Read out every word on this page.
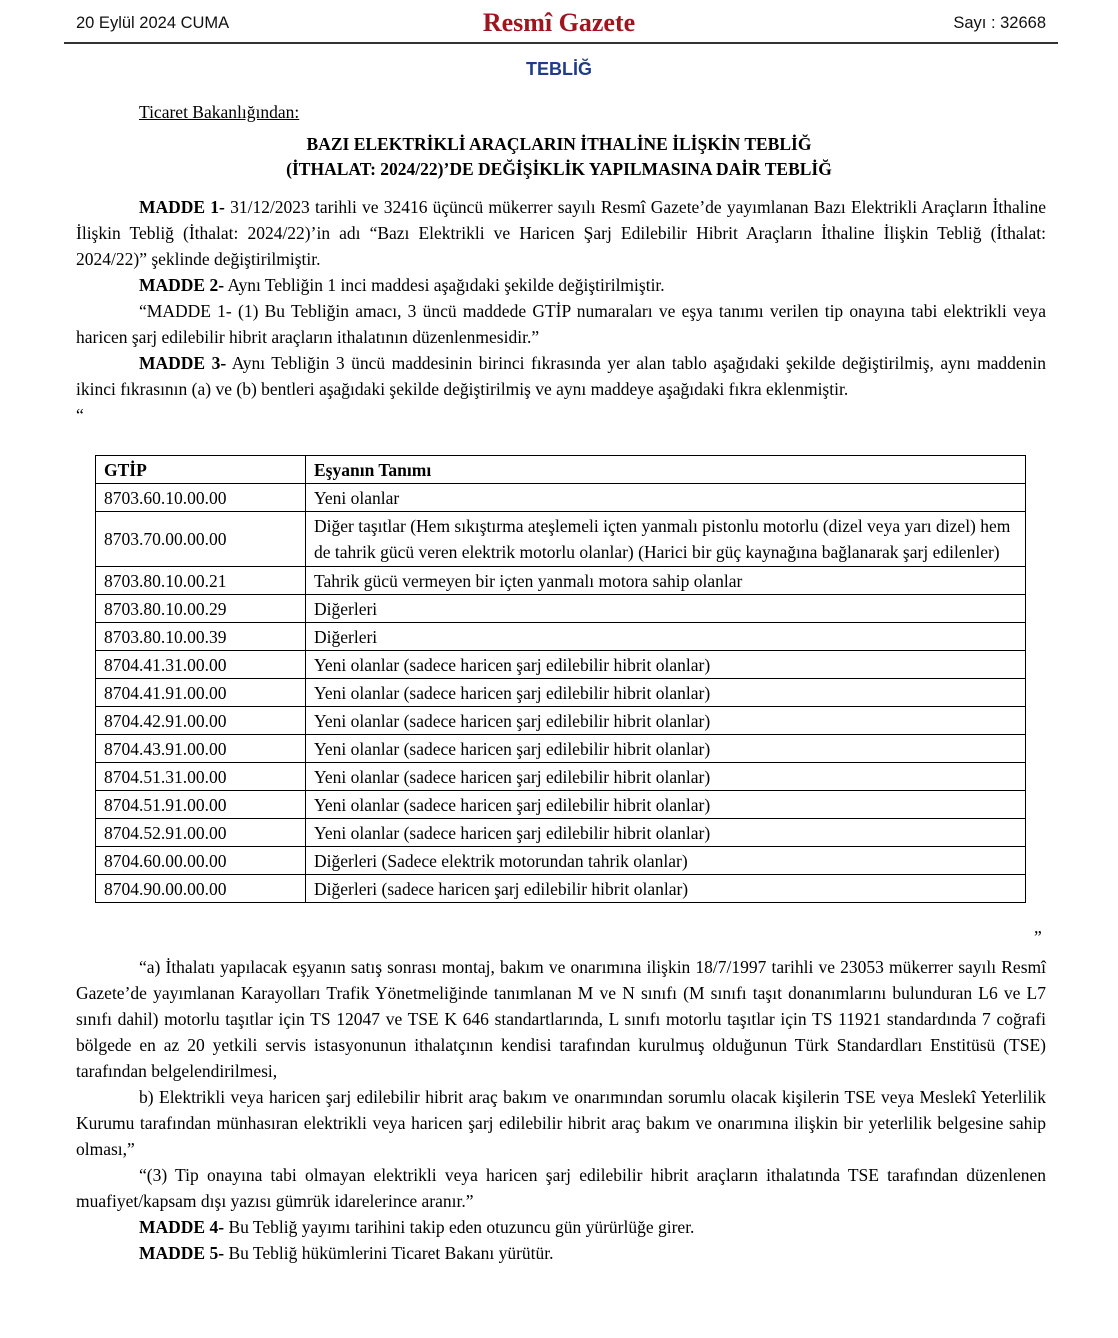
20 Eylül 2024 CUMA	Resmî Gazete	Sayı : 32668
TEBLİĞ
Ticaret Bakanlığından:
BAZI ELEKTRİKLİ ARAÇLARIN İTHALİNE İLİŞKİN TEBLİĞ
(İTHALAT: 2024/22)’DE DEĞİŞİKLİK YAPILMASINA DAİR TEBLİĞ

MADDE 1- 31/12/2023 tarihli ve 32416 üçüncü mükerrer sayılı Resmî Gazete’de yayımlanan Bazı Elektrikli Araçların İthaline İlişkin Tebliğ (İthalat: 2024/22)’in adı “Bazı Elektrikli ve Haricen Şarj Edilebilir Hibrit Araçların İthaline İlişkin Tebliğ (İthalat: 2024/22)” şeklinde değiştirilmiştir.

MADDE 2- Aynı Tebliğin 1 inci maddesi aşağıdaki şekilde değiştirilmiştir.

“MADDE 1- (1) Bu Tebliğin amacı, 3 üncü maddede GTİP numaraları ve eşya tanımı verilen tip onayına tabi elektrikli veya haricen şarj edilebilir hibrit araçların ithalatının düzenlenmesidir.”

MADDE 3- Aynı Tebliğin 3 üncü maddesinin birinci fıkrasında yer alan tablo aşağıdaki şekilde değiştirilmiş, aynı maddenin ikinci fıkrasının (a) ve (b) bentleri aşağıdaki şekilde değiştirilmiş ve aynı maddeye aşağıdaki fıkra eklenmiştir.

“

GTİP	Eşyanın Tanımı
8703.60.10.00.00	Yeni olanlar
8703.70.00.00.00	Diğer taşıtlar (Hem sıkıştırma ateşlemeli içten yanmalı pistonlu motorlu (dizel veya yarı dizel) hem de tahrik gücü veren elektrik motorlu olanlar) (Harici bir güç kaynağına bağlanarak şarj edilenler)
8703.80.10.00.21	Tahrik gücü vermeyen bir içten yanmalı motora sahip olanlar
8703.80.10.00.29	Diğerleri
8703.80.10.00.39	Diğerleri
8704.41.31.00.00	Yeni olanlar (sadece haricen şarj edilebilir hibrit olanlar)
8704.41.91.00.00	Yeni olanlar (sadece haricen şarj edilebilir hibrit olanlar)
8704.42.91.00.00	Yeni olanlar (sadece haricen şarj edilebilir hibrit olanlar)
8704.43.91.00.00	Yeni olanlar (sadece haricen şarj edilebilir hibrit olanlar)
8704.51.31.00.00	Yeni olanlar (sadece haricen şarj edilebilir hibrit olanlar)
8704.51.91.00.00	Yeni olanlar (sadece haricen şarj edilebilir hibrit olanlar)
8704.52.91.00.00	Yeni olanlar (sadece haricen şarj edilebilir hibrit olanlar)
8704.60.00.00.00	Diğerleri (Sadece elektrik motorundan tahrik olanlar)
8704.90.00.00.00	Diğerleri (sadece haricen şarj edilebilir hibrit olanlar)
”

“a) İthalatı yapılacak eşyanın satış sonrası montaj, bakım ve onarımına ilişkin 18/7/1997 tarihli ve 23053 mükerrer sayılı Resmî Gazete’de yayımlanan Karayolları Trafik Yönetmeliğinde tanımlanan M ve N sınıfı (M sınıfı taşıt donanımlarını bulunduran L6 ve L7 sınıfı dahil) motorlu taşıtlar için TS 12047 ve TSE K 646 standartlarında, L sınıfı motorlu taşıtlar için TS 11921 standardında 7 coğrafi bölgede en az 20 yetkili servis istasyonunun ithalatçının kendisi tarafından kurulmuş olduğunun Türk Standardları Enstitüsü (TSE) tarafından belgelendirilmesi,

b) Elektrikli veya haricen şarj edilebilir hibrit araç bakım ve onarımından sorumlu olacak kişilerin TSE veya Meslekî Yeterlilik Kurumu tarafından münhasıran elektrikli veya haricen şarj edilebilir hibrit araç bakım ve onarımına ilişkin bir yeterlilik belgesine sahip olması,”

“(3) Tip onayına tabi olmayan elektrikli veya haricen şarj edilebilir hibrit araçların ithalatında TSE tarafından düzenlenen muafiyet/kapsam dışı yazısı gümrük idarelerince aranır.”

MADDE 4- Bu Tebliğ yayımı tarihini takip eden otuzuncu gün yürürlüğe girer.

MADDE 5- Bu Tebliğ hükümlerini Ticaret Bakanı yürütür.
